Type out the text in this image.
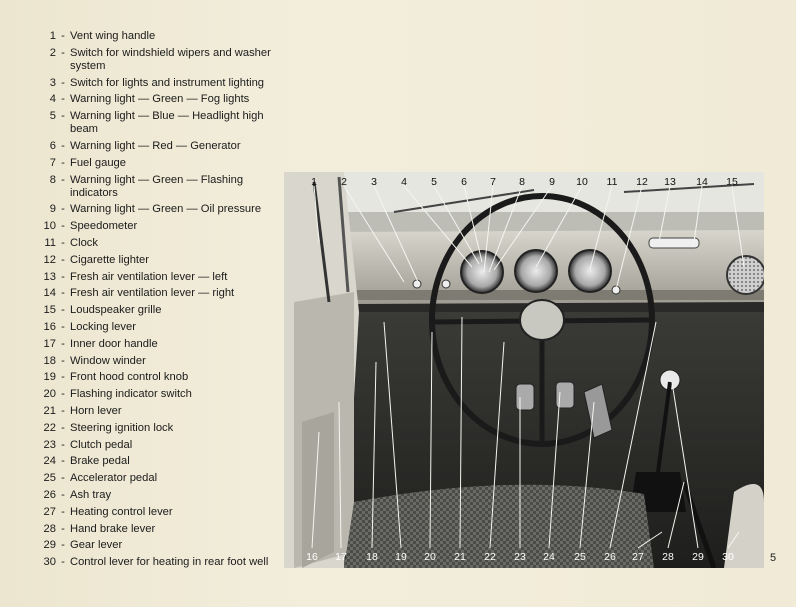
1 - Vent wing handle
2 - Switch for windshield wipers and washer system
3 - Switch for lights and instrument lighting
4 - Warning light — Green — Fog lights
5 - Warning light — Blue — Headlight high beam
6 - Warning light — Red — Generator
7 - Fuel gauge
8 - Warning light — Green — Flashing indicators
9 - Warning light — Green — Oil pressure
10 - Speedometer
11 - Clock
12 - Cigarette lighter
13 - Fresh air ventilation lever — left
14 - Fresh air ventilation lever — right
15 - Loudspeaker grille
16 - Locking lever
17 - Inner door handle
18 - Window winder
19 - Front hood control knob
20 - Flashing indicator switch
21 - Horn lever
22 - Steering ignition lock
23 - Clutch pedal
24 - Brake pedal
25 - Accelerator pedal
26 - Ash tray
27 - Heating control lever
28 - Hand brake lever
29 - Gear lever
30 - Control lever for heating in rear foot well
1 2 3 4 5 6 7 8 9 10 11 12 13 14 15
16 17 18 19 20 21 22 23 24 25 26 27 28 29 30	5
